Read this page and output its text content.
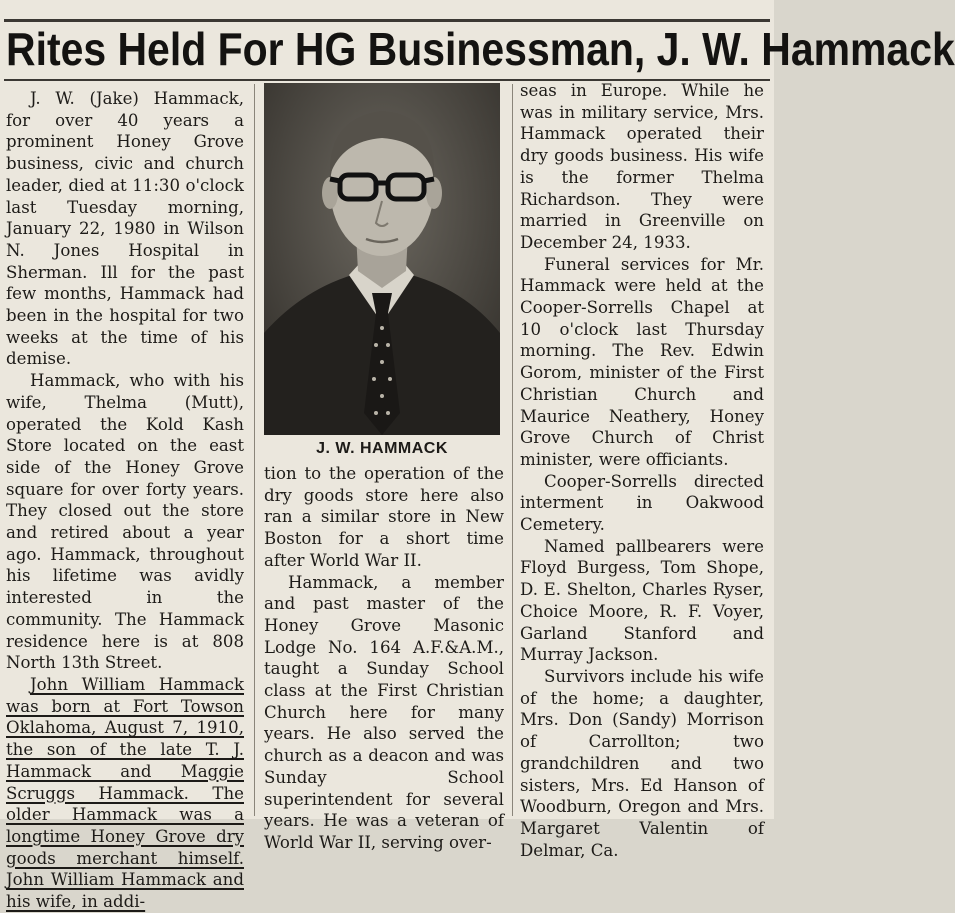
Rites Held For HG Businessman, J. W. Hammack

J. W. (Jake) Hammack, for over 40 years a prominent Honey Grove business, civic and church leader, died at 11:30 o'clock last Tuesday morning, January 22, 1980 in Wilson N. Jones Hospital in Sherman. Ill for the past few months, Hammack had been in the hospital for two weeks at the time of his demise.

Hammack, who with his wife, Thelma (Mutt), operated the Kold Kash Store located on the east side of the Honey Grove square for over forty years. They closed out the store and retired about a year ago. Hammack, throughout his lifetime was avidly interested in the community. The Hammack residence here is at 808 North 13th Street.

John William Hammack was born at Fort Towson Oklahoma, August 7, 1910, the son of the late T. J. Hammack and Maggie Scruggs Hammack. The older Hammack was a longtime Honey Grove dry goods merchant himself. John William Hammack and his wife, in addi-

J. W. HAMMACK

tion to the operation of the dry goods store here also ran a similar store in New Boston for a short time after World War II.

Hammack, a member and past master of the Honey Grove Masonic Lodge No. 164 A.F.&A.M., taught a Sunday School class at the First Christian Church here for many years. He also served the church as a deacon and was Sunday School superintendent for several years. He was a veteran of World War II, serving over-

seas in Europe. While he was in military service, Mrs. Hammack operated their dry goods business. His wife is the former Thelma Richardson. They were married in Greenville on December 24, 1933.

Funeral services for Mr. Hammack were held at the Cooper-Sorrells Chapel at 10 o'clock last Thursday morning. The Rev. Edwin Gorom, minister of the First Christian Church and Maurice Neathery, Honey Grove Church of Christ minister, were officiants.

Cooper-Sorrells directed interment in Oakwood Cemetery.

Named pallbearers were Floyd Burgess, Tom Shope, D. E. Shelton, Charles Ryser, Choice Moore, R. F. Voyer, Garland Stanford and Murray Jackson.

Survivors include his wife of the home; a daughter, Mrs. Don (Sandy) Morrison of Carrollton; two grandchildren and two sisters, Mrs. Ed Hanson of Woodburn, Oregon and Mrs. Margaret Valentin of Delmar, Ca.
